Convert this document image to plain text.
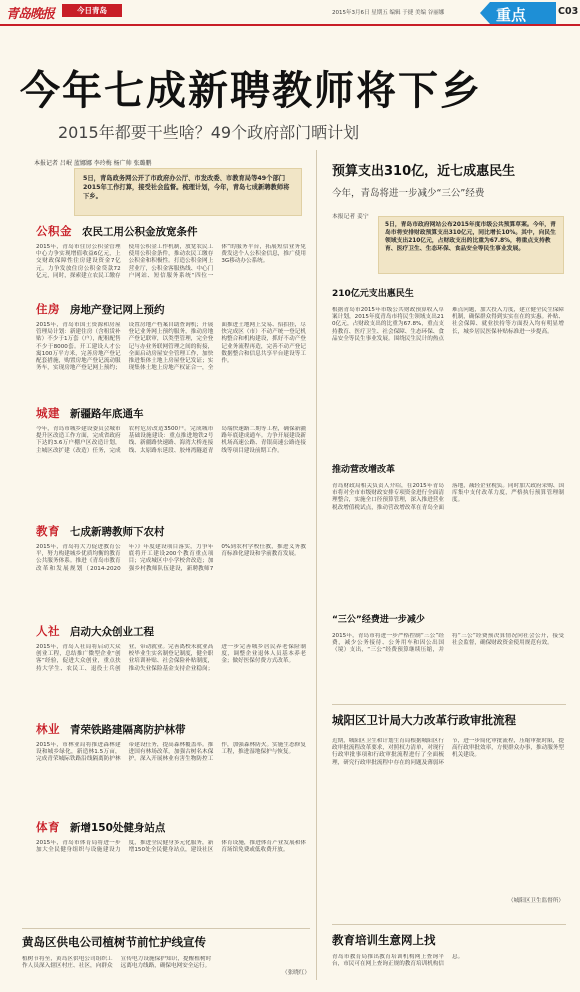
青岛晚报	今日青岛	2015年3月6日 星期五 编辑 于捷 美编 谷丽娜	重点	C03
今年七成新聘教师将下乡
2015年都要干些啥？49个政府部门晒计划
本报记者 吕岷 蓝娜娜 李玲梅 杨广帅 张璐鹏
5日，青岛政务网公开了市政府办公厅、市发改委、市教育局等49个部门2015年工作打算，接受社会监督。梳理计划，今年，青岛七成新聘教师将下乡。
公积金 农民工用公积金放宽条件
2015年，青岛市住房公积金管理中心力争实现增值收益6亿元，上交财政保障性住房建设资金7亿元。力争发放住房公积金贷款72亿元，同时，探索建立农民工缴存使用公积金工作机制，放宽农民工使用公积金条件，推动农民工缴存公积金和积极性。打造公积金网上营业厅，公积金客服热线、中心门户网站、短信服务系统“四位一体”的服务平台，拓展短信业务免费发送个人公积金信息，推广使用3G移动办公系统。
住房 房地产登记网上预约
2015年，青岛市国土资源和房屋管理局计划：新建住房（含租赁补贴）不少于1万套（户），配租配售不少于8000套。开工建设人才公寓100万平方米，完善房地产登记配套措施，购置房地产登记流动服务车，实现房地产登记网上预约；设置房地产档案自助查询机；开展登记业务网上预约服务，推动房地产登记联审，以类型管理，完全登记与办业务联网管理之间的衔接，全面启动房屋安全管理工作，加快推进集体土地上房屋登记发证；实现集体土地上房地产权证合一，全面推进土地网上交易、招拍挂，尽快完成区（市）不动产统一登记机构整合和机构建设，抓好不动产登记业务流程再造，完善不动产登记数据整合和信息共享平台建设等工作。
城建 新疆路年底通车
今年，青岛市城乡建设委员会城市提升区改造工作方面，完成省政府下达的3.6万户棚户区改造计划，主城区改扩建（改造）任务，完成农村危房改造3500户。完成城市基础设施建设：重点推进地铁2号线、新疆路快速路、海湾大桥连接线、太原路东延段、胶州湾隧道青岛端快速路二期等工程，确保新疆路年底建成通车。力争开展建设新机场高速公路、青银高速公路连接线等项目建设前期工作。
教育 七成新聘教师下农村
2015年，青岛将大力促进教育公平，努力构建城乡优质均衡的教育公共服务体系。推进《青岛市教育改革和发展规划（2014-2020年）》年度建设项目落实，力争年底将开工建设200个教育重点项目；完成城区中小学校舍改造；加强乡村教师队伍建设，新聘教师70%到农村学校任教，推进义务教育标准化建设和学前教育发展。
人社 启动大众创业工程
2015年，青岛人社局将启动大众创业工程，总结推广微型企业“创客”经验，促进大众创业，重点扶持大学生、农民工、退役士兵创业，带动就业。完善离校未就业高校毕业生实名制登记制度，健全职业培训补贴、社会保险补贴制度，推动失业保险基金支持企业稳岗；进一步完善城乡居民养老保险制度，调整企业退休人员基本养老金；做好医保付费方式改革。
林业 青荣铁路建隔离防护林带
2015年，市林业局将推进森林建设和城乡绿化，新造林1.5万亩，完成青荣城际铁路沿线隔离防护林带建设任务，提高森林覆盖率。推进国有林场改革，加强古树名木保护。深入开展林业有害生物防控工作，加强森林防火。实施生态修复工程，推进湿地保护与恢复。
体育 新增150处健身站点
2015年，青岛市体育局将进一步加大全民健身组织与设施建设力度，推进全民健身多元化服务，新增150处全民健身站点，建设社区体育设施，推进体育产业发展和体育场馆免费或低收费开放。
黄岛区供电公司植树节前忙护线宣传
植树节将至，黄岛区供电公司组织工作人员深入辖区村庄、社区，向群众宣传电力设施保护知识，提醒植树时远离电力线路，确保电网安全运行。
（张晓红）
预算支出310亿，近七成惠民生
今年，青岛将进一步减少“三公”经费
本报记者 姜宁
5日，青岛市政府网站公布2015年度市级公共预算草案。今年，青岛市将安排财政预算支出310亿元，同比增长10%。其中，向民生领域支出210亿元，占财政支出的比重为67.8%，将重点支持教育、医疗卫生、生态环保、食品安全等民生事业发展。
210亿元支出惠民生
根据青岛市2015年市级公共财政预算收入草案计划，2015年度青岛市将民生领域支出210亿元，占财政支出的比重为67.8%，重点支持教育、医疗卫生、社会保障、生态环保、食品安全等民生事业发展。围绕民生民计的热点难点问题，加大投入力度，建立健全民生保障机制，确保群众得到实实在在的实惠。补贴、社会保障、就业扶持等方面投入均有明显增长，城乡居民医保补贴标准进一步提高。
推动营改增改革
青岛财政局相关负责人介绍，在2015年青岛市将对全市市级财政安排专项资金进行全面清理整合，实施全口径预算管理，深入推进营业税改增值税试点，推动营改增改革在青岛全面落地，减轻企业税负。同时加大政府采购、国库集中支付改革力度，严格执行预算管理制度。
“三公”经费进一步减少
2015年，青岛市将进一步严格控制“三公”经费，减少公务接待、公务用车和因公出国（境）支出，“三公”经费预算继续压缩，并将“三公”经费预决算情况向社会公开，接受社会监督，确保财政资金使用规范有效。
城阳区卫计局大力改革行政审批流程
近期，城阳区卫生和计划生育局根据城阳区行政审批流程改革要求，对照权力清单，对现行行政审批事项和行政审批流程进行了全面梳理，研究行政审批流程中存在的问题及薄弱环节，进一步简化审批流程，压缩审批时限，提高行政审批效率，方便群众办事，推动服务型机关建设。
（城阳区卫生监督所）
教育培训生意网上找
青岛市教育局推出教育培训机构网上查询平台，市民可在网上查询正规的教育培训机构信息。
